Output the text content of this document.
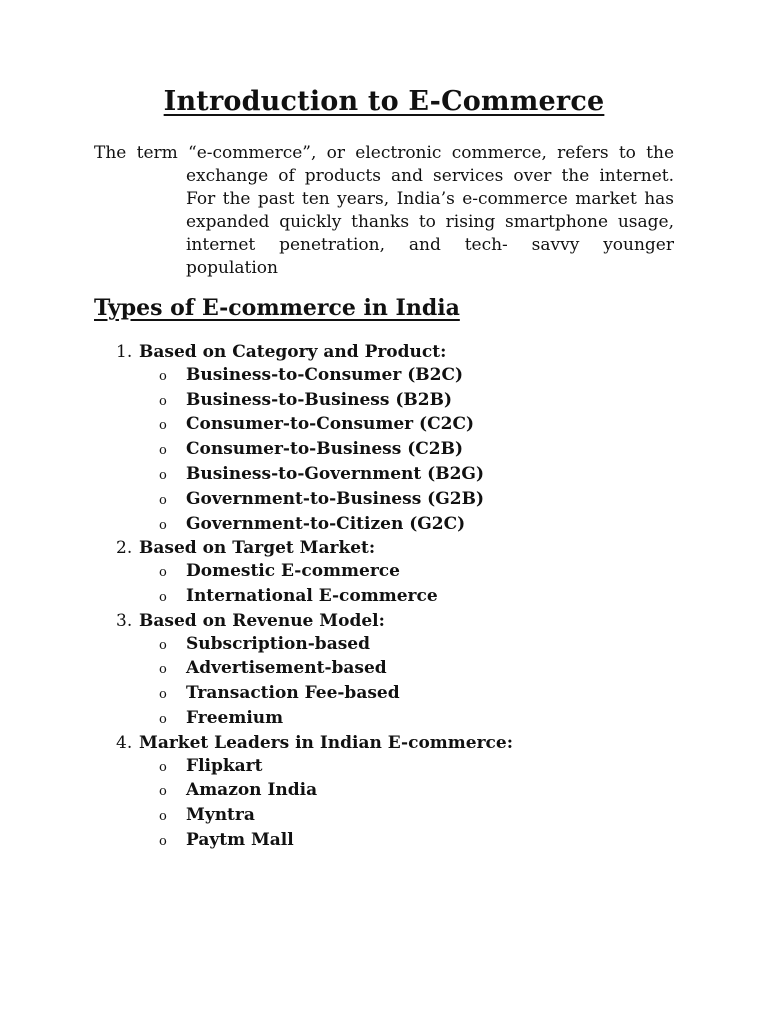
Introduction to E-Commerce
The term “e-commerce”, or electronic commerce, refers to the exchange of products and services over the internet. For the past ten years, India’s e-commerce market has expanded quickly thanks to rising smartphone usage, internet penetration, and tech- savvy younger population
Types of E-commerce in India
1. Based on Category and Product:
o	Business-to-Consumer (B2C)
o	Business-to-Business (B2B)
o	Consumer-to-Consumer (C2C)
o	Consumer-to-Business (C2B)
o	Business-to-Government (B2G)
o	Government-to-Business (G2B)
o	Government-to-Citizen (G2C)
2. Based on Target Market:
o	Domestic E-commerce
o	International E-commerce
3. Based on Revenue Model:
o	Subscription-based
o	Advertisement-based
o	Transaction Fee-based
o	Freemium
4. Market Leaders in Indian E-commerce:
o	Flipkart
o	Amazon India
o	Myntra
o	Paytm Mall
